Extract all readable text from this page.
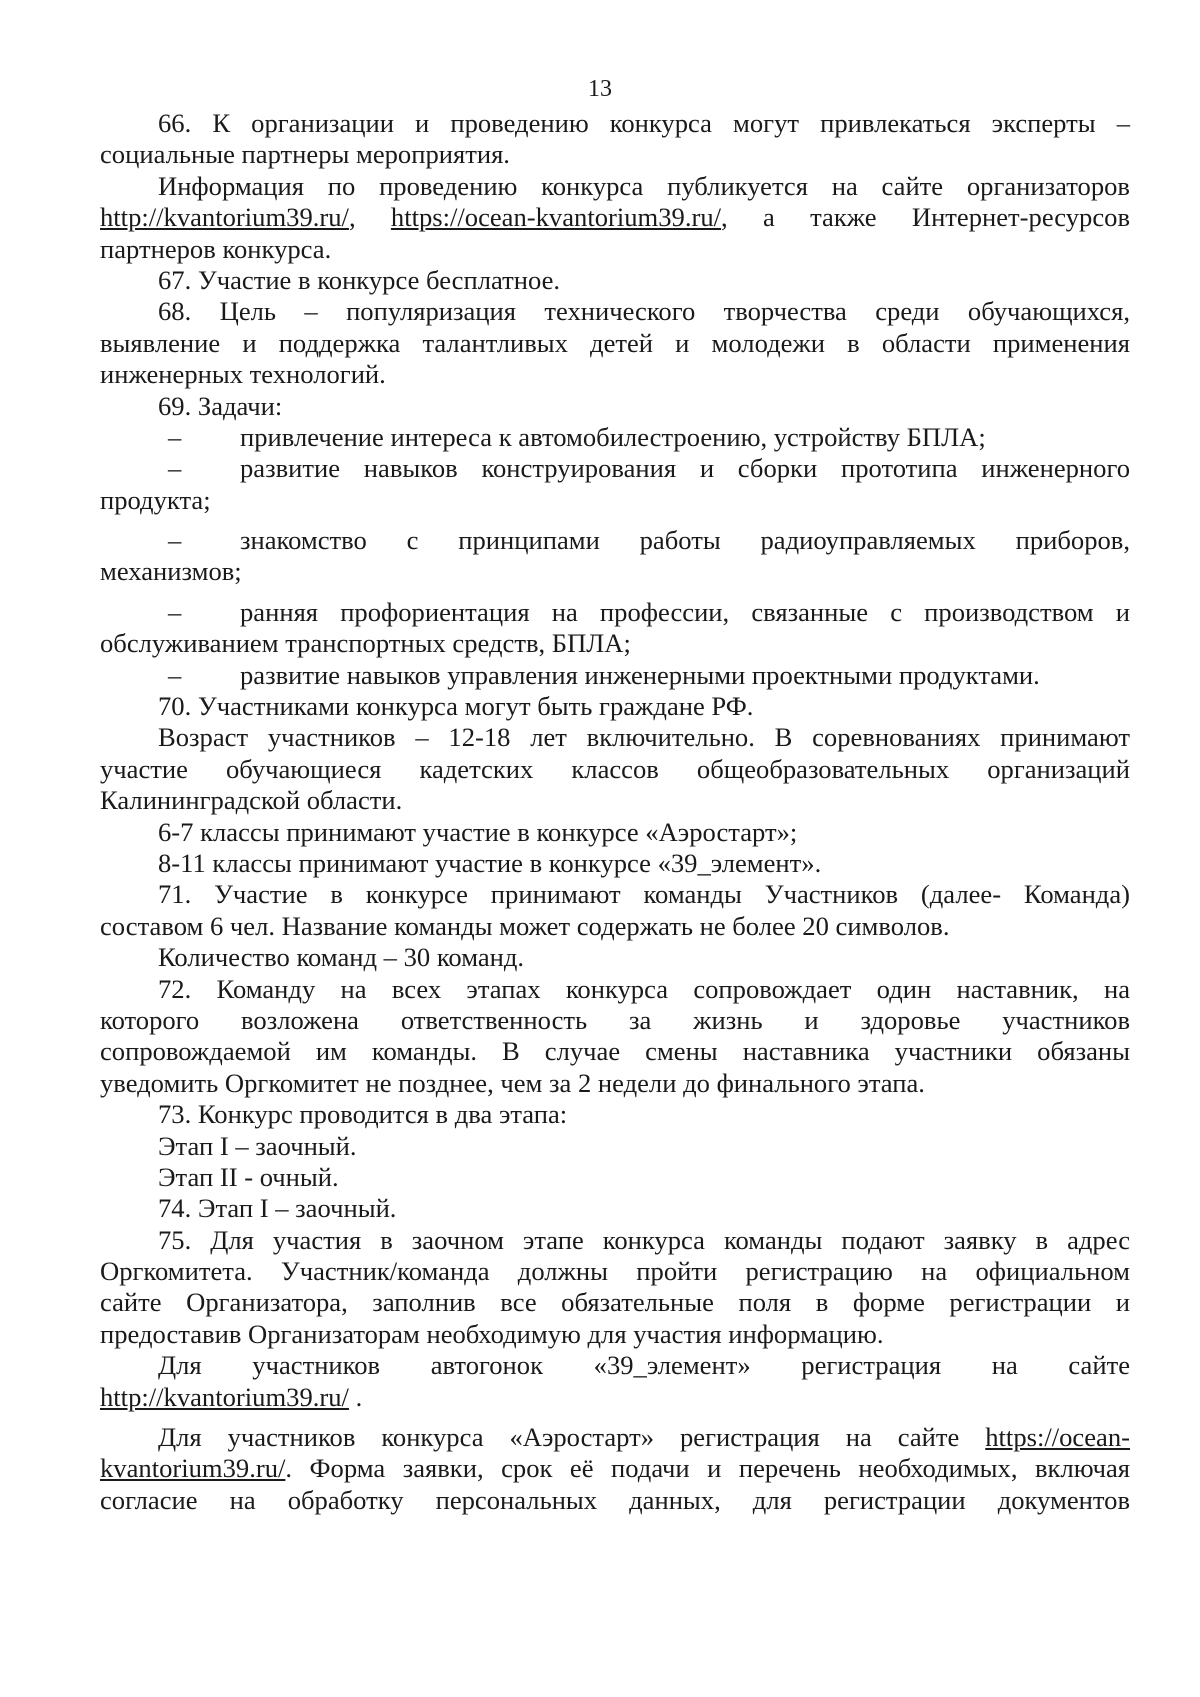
13
66. К организации и проведению конкурса могут привлекаться эксперты –
социальные партнеры мероприятия.
Информация по проведению конкурса публикуется на сайте организаторов
http://kvantorium39.ru/, https://ocean-kvantorium39.ru/, а также Интернет-ресурсов
партнеров конкурса.
67. Участие в конкурсе бесплатное.
68. Цель – популяризация технического творчества среди обучающихся,
выявление и поддержка талантливых детей и молодежи в области применения
инженерных технологий.
69. Задачи:
–	привлечение интереса к автомобилестроению, устройству БПЛА;
–	развитие навыков конструирования и сборки прототипа инженерного
продукта;
–	знакомство с принципами работы радиоуправляемых приборов,
механизмов;
–	ранняя профориентация на профессии, связанные с производством и
обслуживанием транспортных средств, БПЛА;
–	развитие навыков управления инженерными проектными продуктами.
70. Участниками конкурса могут быть граждане РФ.
Возраст участников – 12-18 лет включительно. В соревнованиях принимают
участие обучающиеся кадетских классов общеобразовательных организаций
Калининградской области.
6-7 классы принимают участие в конкурсе «Аэростарт»;
8-11 классы принимают участие в конкурсе «39_элемент».
71. Участие в конкурсе принимают команды Участников (далее- Команда)
составом 6 чел. Название команды может содержать не более 20 символов.
Количество команд – 30 команд.
72. Команду на всех этапах конкурса сопровождает один наставник, на
которого возложена ответственность за жизнь и здоровье участников
сопровождаемой им команды. В случае смены наставника участники обязаны
уведомить Оргкомитет не позднее, чем за 2 недели до финального этапа.
73. Конкурс проводится в два этапа:
Этап I – заочный.
Этап II - очный.
74. Этап I – заочный.
75. Для участия в заочном этапе конкурса команды подают заявку в адрес
Оргкомитета. Участник/команда должны пройти регистрацию на официальном
сайте Организатора, заполнив все обязательные поля в форме регистрации и
предоставив Организаторам необходимую для участия информацию.
Для участников автогонок «39_элемент» регистрация на сайте
http://kvantorium39.ru/ .
Для участников конкурса «Аэростарт» регистрация на сайте https://ocean-
kvantorium39.ru/. Форма заявки, срок её подачи и перечень необходимых, включая
согласие на обработку персональных данных, для регистрации документов
